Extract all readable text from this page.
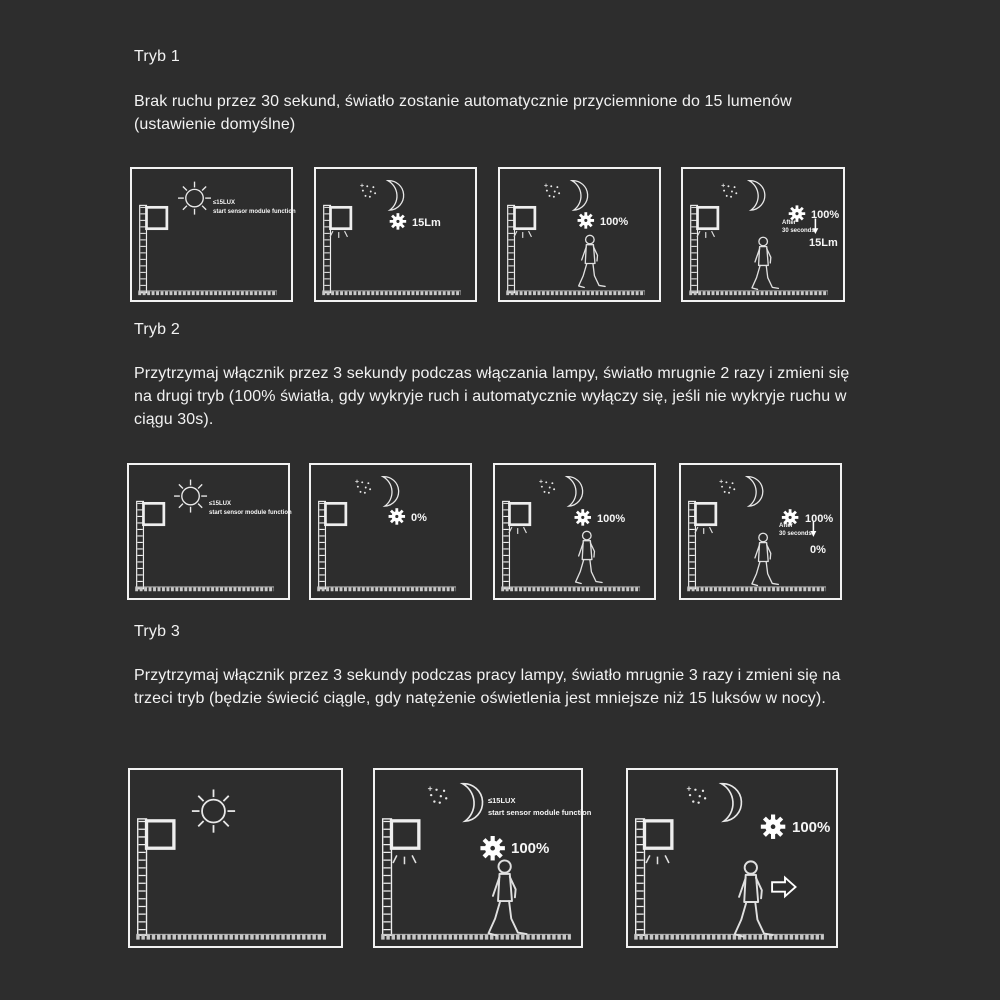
Tryb 1
Brak ruchu przez 30 sekund, światło zostanie automatycznie przyciemnione do 15 lumenów (ustawienie domyślne)
≤15LUX
start sensor module function
15Lm	100%
100%
After
30 seconds
15Lm
Tryb 2
Przytrzymaj włącznik przez 3 sekundy podczas włączania lampy, światło mrugnie 2 razy i zmieni się na drugi tryb (100% światła, gdy wykryje ruch i automatycznie wyłączy się, jeśli nie wykryje ruchu w ciągu 30s).
≤15LUX
start sensor module function	0%	100%	100%
After
30 seconds
0%
Tryb 3
Przytrzymaj włącznik przez 3 sekundy podczas pracy lampy, światło mrugnie 3 razy i zmieni się na trzeci tryb (będzie świecić ciągle, gdy natężenie oświetlenia jest mniejsze niż 15 luksów w nocy).
≤15LUX
start sensor module function
100%
100%
